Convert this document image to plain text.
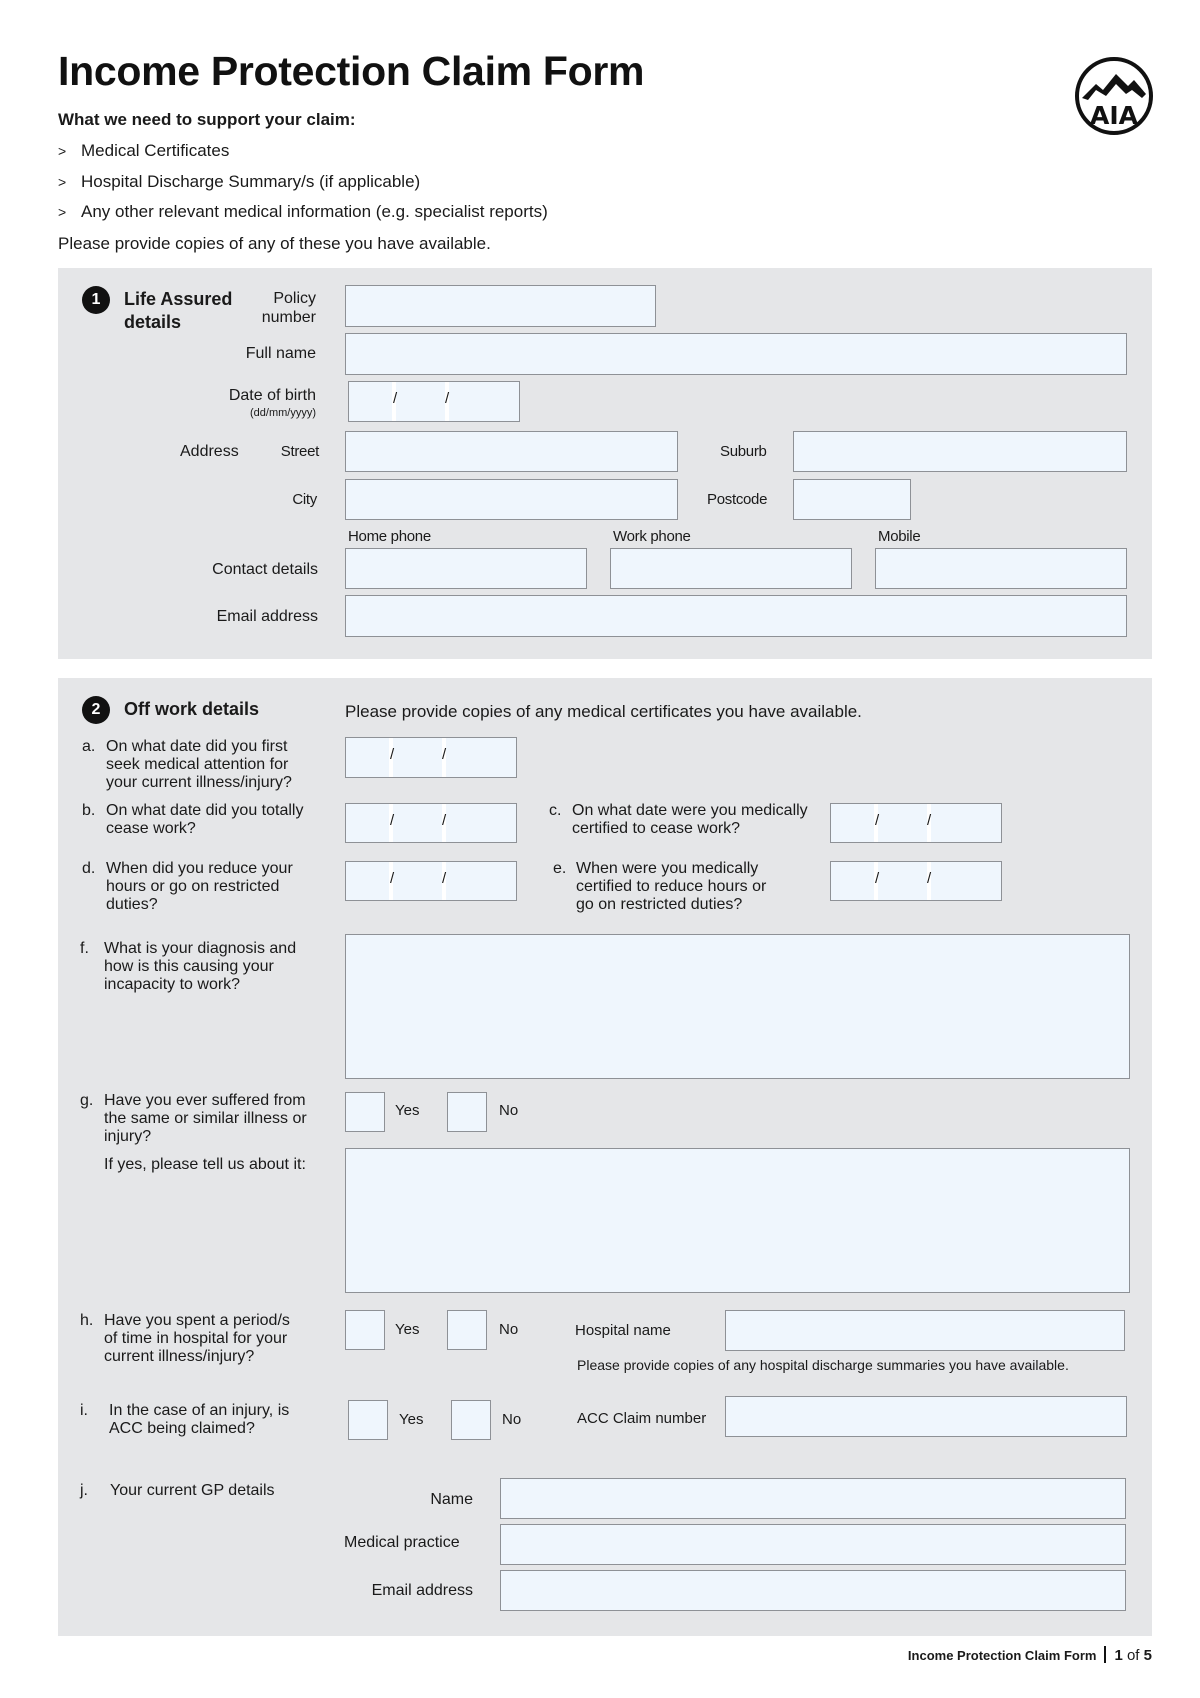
Income Protection Claim Form
What we need to support your claim:
> Medical Certificates
> Hospital Discharge Summary/s (if applicable)
> Any other relevant medical information (e.g. specialist reports)
Please provide copies of any of these you have available.
AIA
1	Life Assured
details
Policy
number
Full name
Date of birth
(dd/mm/yyyy)
/	/
Address	Street	Suburb
City	Postcode
Home phone	Work phone	Mobile
Contact details
Email address
2	Off work details	Please provide copies of any medical certificates you have available.
a. On what date did you first
seek medical attention for
your current illness/injury?
/	/
b. On what date did you totally
cease work?	/	/
c. On what date were you medically
certified to cease work?	/	/
d. When did you reduce your
hours or go on restricted
duties?
/	/
e. When were you medically
certified to reduce hours or
go on restricted duties?
/	/
f. What is your diagnosis and
how is this causing your
incapacity to work?
g. Have you ever suffered from
the same or similar illness or
injury?
Yes	No
If yes, please tell us about it:
h. Have you spent a period/s
of time in hospital for your
current illness/injury?
Yes	No	Hospital name
Please provide copies of any hospital discharge summaries you have available.
i. In the case of an injury, is
ACC being claimed?
Yes	No	ACC Claim number
j. Your current GP details
Name
Medical practice
Email address
Income Protection Claim Form 1 of 5
